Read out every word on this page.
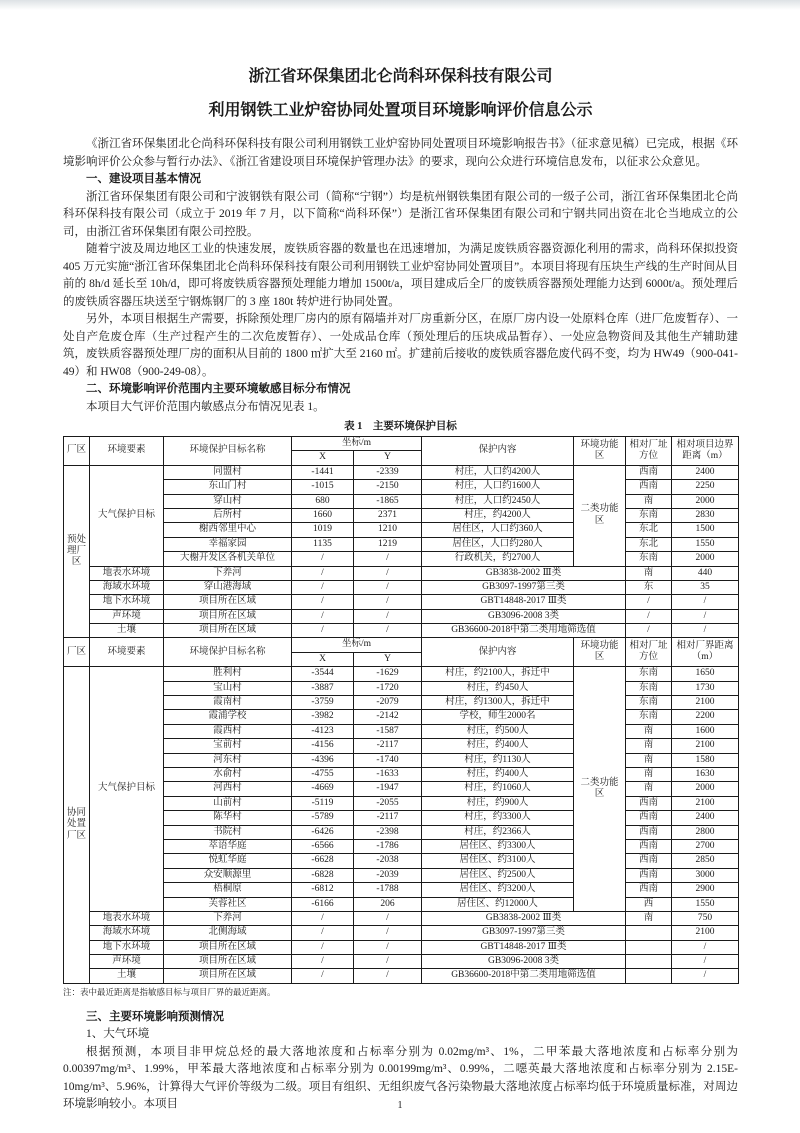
浙江省环保集团北仑尚科环保科技有限公司
利用钢铁工业炉窑协同处置项目环境影响评价信息公示

《浙江省环保集团北仑尚科环保科技有限公司利用钢铁工业炉窑协同处置项目环境影响报告书》（征求意见稿）已完成，根据《环境影响评价公众参与暂行办法》、《浙江省建设项目环境保护管理办法》的要求，现向公众进行环境信息发布，以征求公众意见。

一、建设项目基本情况

浙江省环保集团有限公司和宁波钢铁有限公司（简称“宁钢”）均是杭州钢铁集团有限公司的一级子公司，浙江省环保集团北仑尚科环保科技有限公司（成立于 2019 年 7 月，以下简称“尚科环保”）是浙江省环保集团有限公司和宁钢共同出资在北仑当地成立的公司，由浙江省环保集团有限公司控股。

随着宁波及周边地区工业的快速发展，废铁质容器的数量也在迅速增加，为满足废铁质容器资源化利用的需求，尚科环保拟投资405 万元实施“浙江省环保集团北仑尚科环保科技有限公司利用钢铁工业炉窑协同处置项目”。本项目将现有压块生产线的生产时间从目前的 8h/d 延长至 10h/d，即可将废铁质容器预处理能力增加 1500t/a，项目建成后全厂的废铁质容器预处理能力达到 6000t/a。预处理后的废铁质容器压块送至宁钢炼钢厂的 3 座 180t 转炉进行协同处置。

另外，本项目根据生产需要，拆除预处理厂房内的原有隔墙并对厂房重新分区，在原厂房内设一处原料仓库（进厂危废暂存）、一处自产危废仓库（生产过程产生的二次危废暂存）、一处成品仓库（预处理后的压块成品暂存）、一处应急物资间及其他生产辅助建筑，废铁质容器预处理厂房的面积从目前的 1800 ㎡扩大至 2160 ㎡。扩建前后接收的废铁质容器危废代码不变，均为 HW49（900-041-49）和 HW08（900-249-08）。

二、环境影响评价范围内主要环境敏感目标分布情况

本项目大气评价范围内敏感点分布情况见表 1。

表 1　主要环境保护目标
厂区	环境要素	环境保护目标名称	坐标/m		保护内容	环境功能区	相对厂址方位	相对项目边界距离（m）
			X	Y				
预处理厂区	大气保护目标	同盟村	-1441	-2339	村庄，人口约4200人	二类功能区	西南	2400
		东山门村	-1015	-2150	村庄，人口约1600人		西南	2250
		穿山村	680	-1865	村庄，人口约2450人		南	2000
		后所村	1660	2371	村庄，约4200人		东南	2830
		榭西邻里中心	1019	1210	居住区，人口约360人		东北	1500
		幸福家园	1135	1219	居住区，人口约280人		东北	1550
		大榭开发区各机关单位	/	/	行政机关，约2700人		东南	2000
	地表水环境	下养河	/	/	GB3838-2002 Ⅲ类		南	440
	海域水环境	穿山港海域	/	/	GB3097-1997第三类		东	35
	地下水环境	项目所在区域	/	/	GBT14848-2017 Ⅲ类		/	/
	声环境	项目所在区域	/	/	GB3096-2008 3类		/	/
	土壤	项目所在区域	/	/	GB36600-2018中第二类用地筛选值		/	/
厂区	环境要素	环境保护目标名称	坐标/m		保护内容	环境功能区	相对厂址方位	相对厂界距离（m）
			X	Y				
协同处置厂区	大气保护目标	胜利村	-3544	-1629	村庄，约2100人，拆迁中	二类功能区	东南	1650
		宝山村	-3887	-1720	村庄，约450人		东南	1730
		霞南村	-3759	-2079	村庄，约1300人，拆迁中		东南	2100
		霞浦学校	-3982	-2142	学校，师生2000名		东南	2200
		霞西村	-4123	-1587	村庄，约500人		南	1600
		宝前村	-4156	-2117	村庄，约400人		南	2100
		河东村	-4396	-1740	村庄，约1130人		南	1580
		水俞村	-4755	-1633	村庄，约400人		南	1630
		河西村	-4669	-1947	村庄，约1060人		南	2000
		山前村	-5119	-2055	村庄，约900人		西南	2100
		陈华村	-5789	-2117	村庄，约3300人		西南	2400
		书院村	-6426	-2398	村庄，约2366人		西南	2800
		萃语华庭	-6566	-1786	居住区、约3300人		西南	2700
		悦虹华庭	-6628	-2038	居住区、约3100人		西南	2850
		众安顺源里	-6828	-2039	居住区、约2500人		西南	3000
		梧桐原	-6812	-1788	居住区、约3200人		西南	2900
		芙蓉社区	-6166	206	居住区、约12000人		西	1550
	地表水环境	下养河	/	/	GB3838-2002 Ⅲ类		南	750
	海域水环境	北侧海域	/	/	GB3097-1997第三类			2100
	地下水环境	项目所在区域	/	/	GBT14848-2017 Ⅲ类			/
	声环境	项目所在区域	/	/	GB3096-2008 3类			/
	土壤	项目所在区域	/	/	GB36600-2018中第二类用地筛选值			/

注：表中最近距离是指敏感目标与项目厂界的最近距离。

三、主要环境影响预测情况

1、大气环境

根据预测，本项目非甲烷总烃的最大落地浓度和占标率分别为 0.02mg/m³、1%，二甲苯最大落地浓度和占标率分别为 0.00397mg/m³、1.99%，甲苯最大落地浓度和占标率分别为 0.00199mg/m³、0.99%，二噁英最大落地浓度和占标率分别为 2.15E-10mg/m³、5.96%，计算得大气评价等级为二级。项目有组织、无组织废气各污染物最大落地浓度占标率均低于环境质量标准，对周边环境影响较小。本项目	1
